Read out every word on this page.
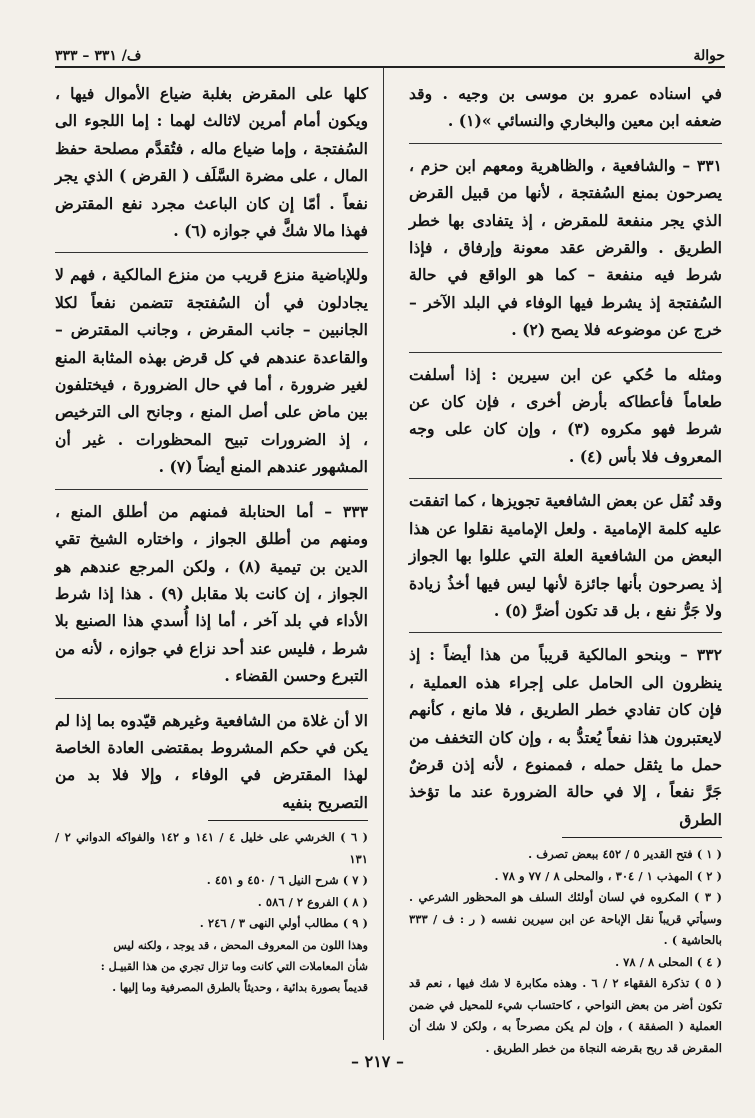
حوالة
ف/ ٣٣١ – ٣٣٣

في اسناده عمرو بن موسى بن وجيه . وقد ضعفه ابن معين والبخاري والنسائي »(١) .

٣٣١ – والشافعية ، والظاهرية ومعهم ابن حزم ، يصرحون بمنع السُفتجة ، لأنها من قبيل القرض الذي يجر منفعة للمقرض ، إذ يتفادى بها خطر الطريق . والقرض عقد معونة وإرفاق ، فإذا شرط فيه منفعة – كما هو الواقع في حالة السُفتجة إذ يشرط فيها الوفاء في البلد الآخر – خرج عن موضوعه فلا يصح (٢) .

ومثله ما حُكي عن ابن سيرين : إذا أسلفت طعاماً فأعطاكه بأرض أخرى ، فإن كان عن شرط فهو مكروه (٣) ، وإن كان على وجه المعروف فلا بأس (٤) .

وقد نُقل عن بعض الشافعية تجويزها ، كما اتفقت عليه كلمة الإمامية . ولعل الإمامية نقلوا عن هذا البعض من الشافعية العلة التي عللوا بها الجواز إذ يصرحون بأنها جائزة لأنها ليس فيها أخذُ زيادة ولا جَرُّ نفع ، بل قد تكون أضرَّ (٥) .

٣٣٢ – وبنحو المالكية قريباً من هذا أيضاً : إذ ينظرون الى الحامل على إجراء هذه العملية ، فإن كان تفادي خطر الطريق ، فلا مانع ، كأنهم لايعتبرون هذا نفعاً يُعتدُّ به ، وإن كان التخفف من حمل ما يثقل حمله ، فممنوع ، لأنه إذن قرضٌ جَرَّ نفعاً ، إلا في حالة الضرورة عند ما تؤخذ الطرق

( ١ ) فتح القدير ٥ / ٤٥٢ ببعض تصرف .

( ٢ ) المهذب ١ / ٣٠٤ ، والمحلى ٨ / ٧٧ و ٧٨ .

( ٣ ) المكروه في لسان أولئك السلف هو المحظور الشرعي . وسيأتي قريباً نقل الإباحة عن ابن سيرين نفسه ( ر : ف / ٣٣٣ بالحاشية ) .

( ٤ ) المحلى ٨ / ٧٨ .

( ٥ ) تذكرة الفقهاء ٢ / ٦ . وهذه مكابرة لا شك فيها ، نعم قد تكون أضر من بعض النواحي ، كاحتساب شيء للمحيل في ضمن العملية ( الصفقة ) ، وإن لم يكن مصرحاً به ، ولكن لا شك أن المقرض قد ربح بقرضه النجاة من خطر الطريق .

كلها على المقرض بغلبة ضياع الأموال فيها ، ويكون أمام أمرين لاثالث لهما : إما اللجوء الى السُفتجة ، وإما ضياع ماله ، فتُقدَّم مصلحة حفظ المال ، على مضرة السَّلَف ( القرض ) الذي يجر نفعاً . أمّا إن كان الباعث مجرد نفع المقترض فهذا مالا شكَّ في جوازه (٦) .

وللإباضية منزع قريب من منزع المالكية ، فهم لا يجادلون في أن السُفتجة تتضمن نفعاً لكلا الجانبين – جانب المقرض ، وجانب المقترض – والقاعدة عندهم في كل قرض بهذه المثابة المنع لغير ضرورة ، أما في حال الضرورة ، فيختلفون بين ماض على أصل المنع ، وجانح الى الترخيص ، إذ الضرورات تبيح المحظورات . غير أن المشهور عندهم المنع أيضاً (٧) .

٣٣٣ – أما الحنابلة فمنهم من أطلق المنع ، ومنهم من أطلق الجواز ، واختاره الشيخ تقي الدين بن تيمية (٨) ، ولكن المرجع عندهم هو الجواز ، إن كانت بلا مقابل (٩) . هذا إذا شرط الأداء في بلد آخر ، أما إذا أُسدي هذا الصنيع بلا شرط ، فليس عند أحد نزاع في جوازه ، لأنه من التبرع وحسن القضاء .

الا أن غلاة من الشافعية وغيرهم قيّدوه بما إذا لم يكن في حكم المشروط بمقتضى العادة الخاصة لهذا المقترض في الوفاء ، وإلا فلا بد من التصريح بنفيه

( ٦ ) الخرشي على خليل ٤ / ١٤١ و ١٤٢ والفواكه الدواني ٢ / ١٣١

( ٧ ) شرح النيل ٦ / ٤٥٠ و ٤٥١ .

( ٨ ) الفروع ٢ / ٥٨٦ .

( ٩ ) مطالب أولي النهى ٣ / ٢٤٦ .

وهذا اللون من المعروف المحض ، قد يوجد ، ولكنه ليس

شأن المعاملات التي كانت وما تزال تجري من هذا القبيـل :

قديماً بصورة بدائية ، وحديثاً بالطرق المصرفية وما إليها .

– ٢١٧ –
